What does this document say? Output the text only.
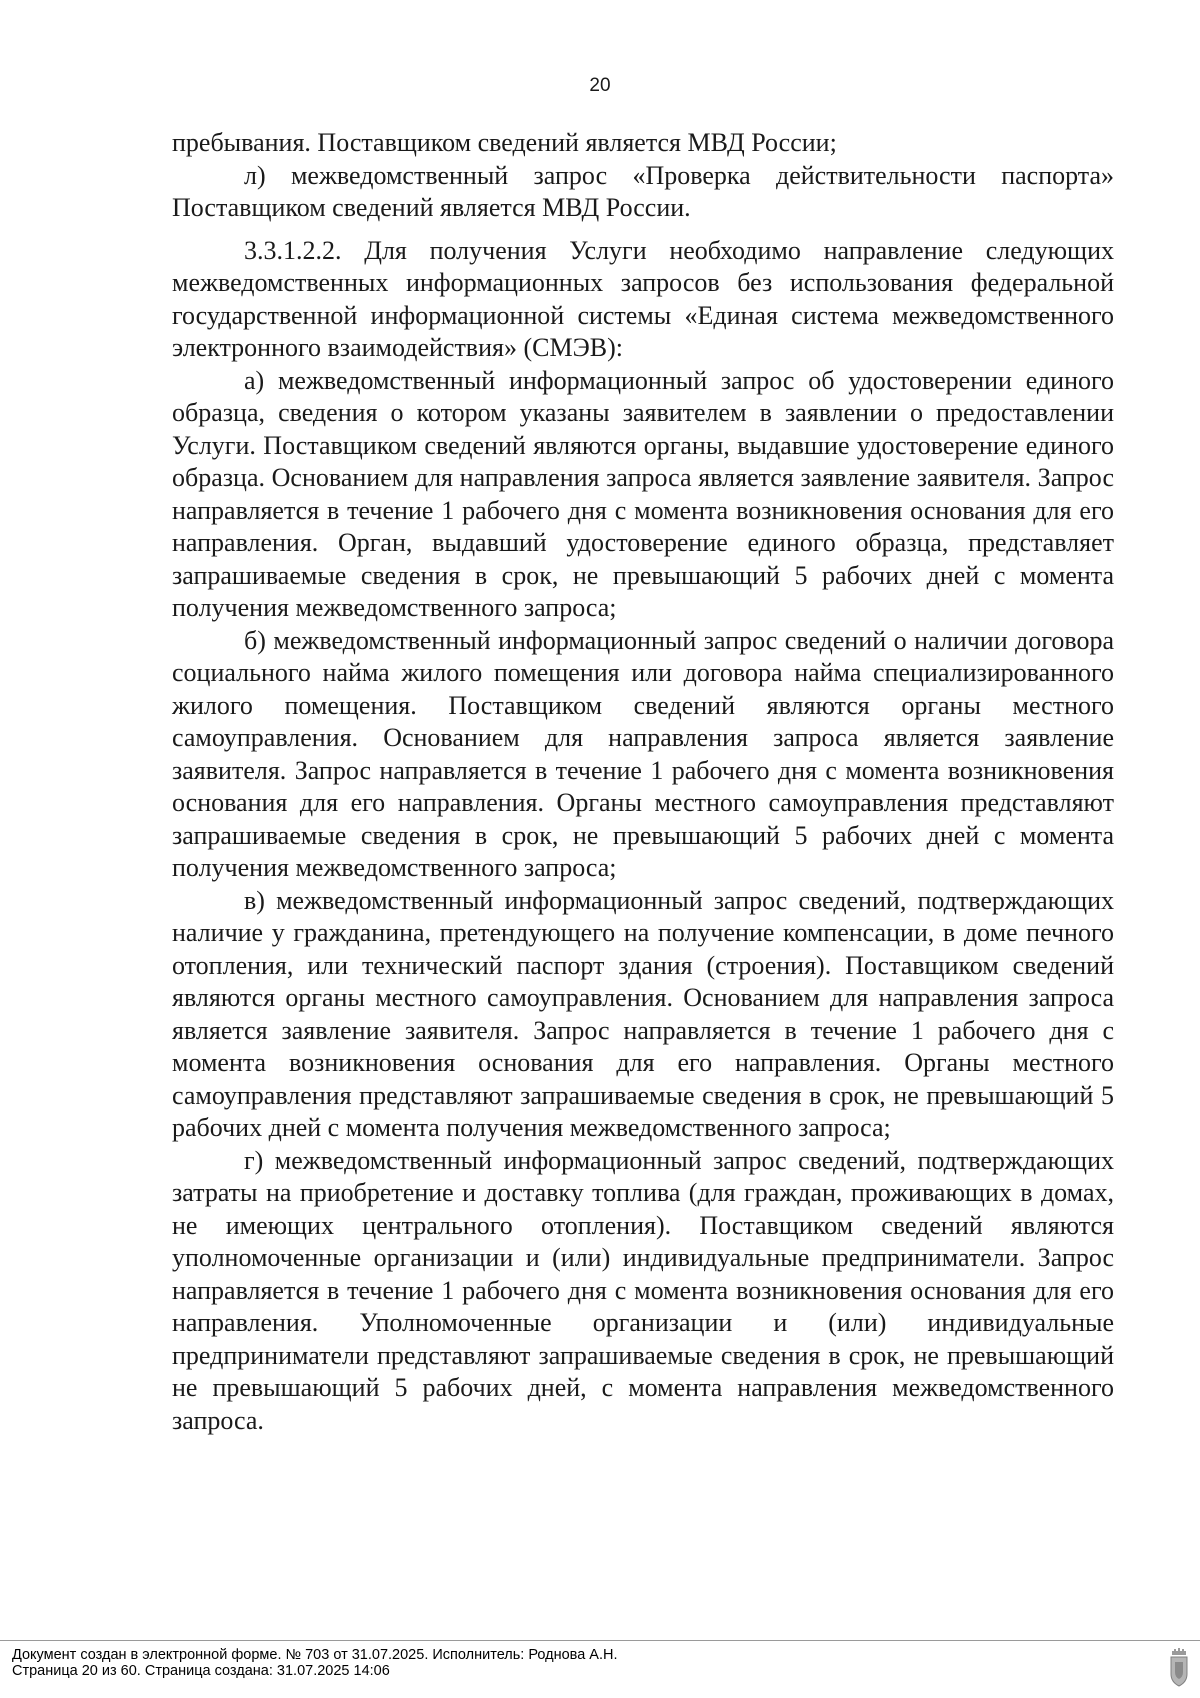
20

пребывания. Поставщиком сведений является МВД России;

л) межведомственный запрос «Проверка действительности паспорта» Поставщиком сведений является МВД России.

3.3.1.2.2. Для получения Услуги необходимо направление следующих межведомственных информационных запросов без использования федеральной государственной информационной системы «Единая система межведомственного электронного взаимодействия» (СМЭВ):

а) межведомственный информационный запрос об удостоверении единого образца, сведения о котором указаны заявителем в заявлении о предоставлении Услуги. Поставщиком сведений являются органы, выдавшие удостоверение единого образца. Основанием для направления запроса является заявление заявителя. Запрос направляется в течение 1 рабочего дня с момента возникновения основания для его направления. Орган, выдавший удостоверение единого образца, представляет запрашиваемые сведения в срок, не превышающий 5 рабочих дней с момента получения межведомственного запроса;

б) межведомственный информационный запрос сведений о наличии договора социального найма жилого помещения или договора найма специализированного жилого помещения. Поставщиком сведений являются органы местного самоуправления. Основанием для направления запроса является заявление заявителя. Запрос направляется в течение 1 рабочего дня с момента возникновения основания для его направления. Органы местного самоуправления представляют запрашиваемые сведения в срок, не превышающий 5 рабочих дней с момента получения межведомственного запроса;

в) межведомственный информационный запрос сведений, подтверждающих наличие у гражданина, претендующего на получение компенсации, в доме печного отопления, или технический паспорт здания (строения). Поставщиком сведений являются органы местного самоуправления. Основанием для направления запроса является заявление заявителя. Запрос направляется в течение 1 рабочего дня с момента возникновения основания для его направления. Органы местного самоуправления представляют запрашиваемые сведения в срок, не превышающий 5 рабочих дней с момента получения межведомственного запроса;

г) межведомственный информационный запрос сведений, подтверждающих затраты на приобретение и доставку топлива (для граждан, проживающих в домах, не имеющих центрального отопления). Поставщиком сведений являются уполномоченные организации и (или) индивидуальные предприниматели. Запрос направляется в течение 1 рабочего дня с момента возникновения основания для его направления. Уполномоченные организации и (или) индивидуальные предприниматели представляют запрашиваемые сведения в срок, не превышающий не превышающий 5 рабочих дней, с момента направления межведомственного запроса.

Документ создан в электронной форме. № 703 от 31.07.2025. Исполнитель: Роднова А.Н.
Страница 20 из 60. Страница создана: 31.07.2025 14:06
